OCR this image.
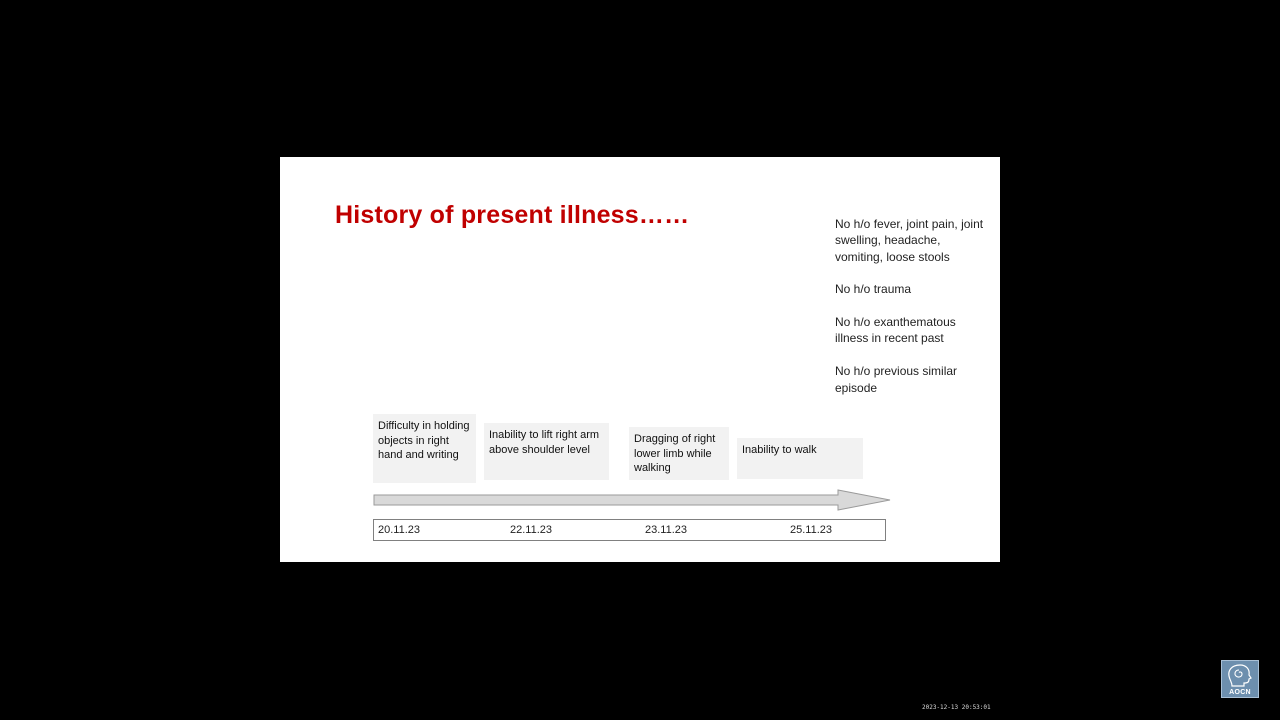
History of present illness……	No h/o fever, joint pain, joint swelling, headache, vomiting, loose stools

No h/o trauma

No h/o exanthematous illness in recent past

No h/o previous similar episode

Difficulty in holding objects in right hand and writing
Inability to lift right arm above shoulder level
Dragging of right lower limb while walking
Inability to walk
20.11.23	22.11.23	23.11.23	25.11.23
AOCN
2023-12-13 20:53:01
